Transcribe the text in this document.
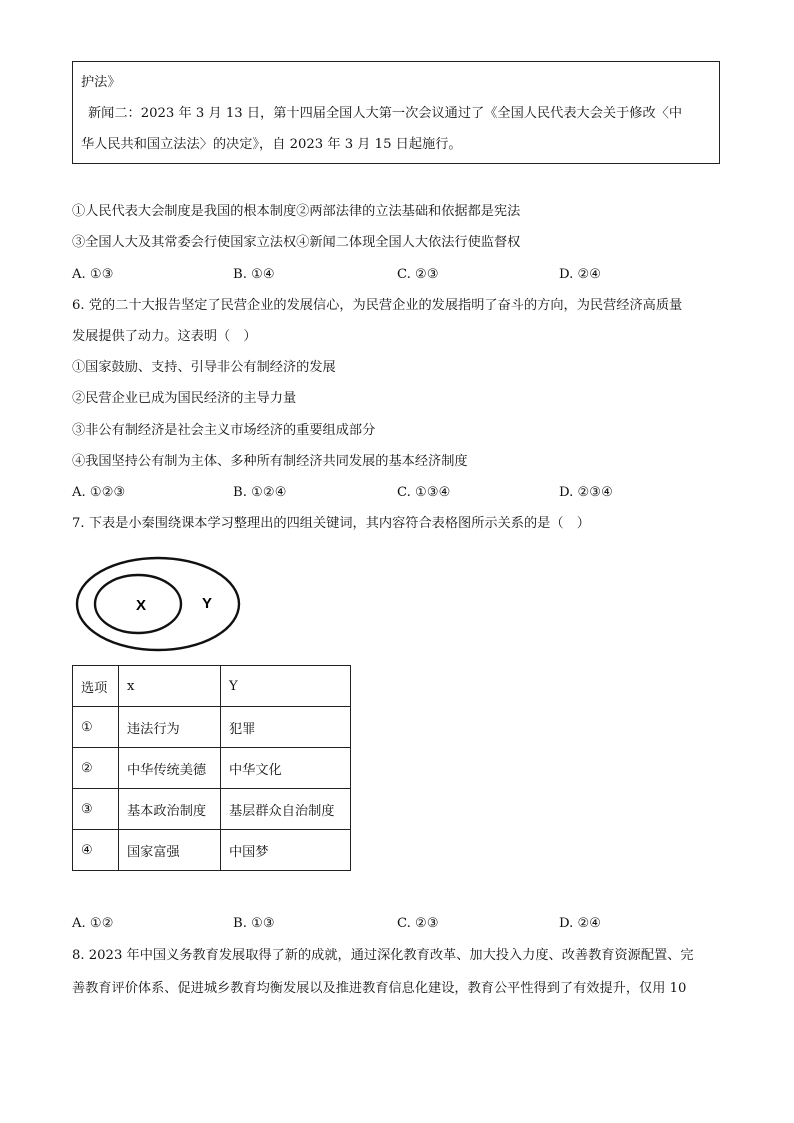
护法》
新闻二：2023 年 3 月 13 日，第十四届全国人大第一次会议通过了《全国人民代表大会关于修改〈中
华人民共和国立法法〉的决定》，自 2023 年 3 月 15 日起施行。
①人民代表大会制度是我国的根本制度②两部法律的立法基础和依据都是宪法
③全国人大及其常委会行使国家立法权④新闻二体现全国人大依法行使监督权
A. ①③	B. ①④	C. ②③	D. ②④
6. 党的二十大报告坚定了民营企业的发展信心，为民营企业的发展指明了奋斗的方向，为民营经济高质量
发展提供了动力。这表明（　）
①国家鼓励、支持、引导非公有制经济的发展
②民营企业已成为国民经济的主导力量
③非公有制经济是社会主义市场经济的重要组成部分
④我国坚持公有制为主体、多种所有制经济共同发展的基本经济制度
A. ①②③	B. ①②④	C. ①③④	D. ②③④
7. 下表是小秦围绕课本学习整理出的四组关键词，其内容符合表格图所示关系的是（　）
X	Y
选项	x	Y
①	违法行为	犯罪
②	中华传统美德	中华文化
③	基本政治制度	基层群众自治制度
④	国家富强	中国梦
A. ①②	B. ①③	C. ②③	D. ②④
8. 2023 年中国义务教育发展取得了新的成就，通过深化教育改革、加大投入力度、改善教育资源配置、完
善教育评价体系、促进城乡教育均衡发展以及推进教育信息化建设，教育公平性得到了有效提升，仅用 10
